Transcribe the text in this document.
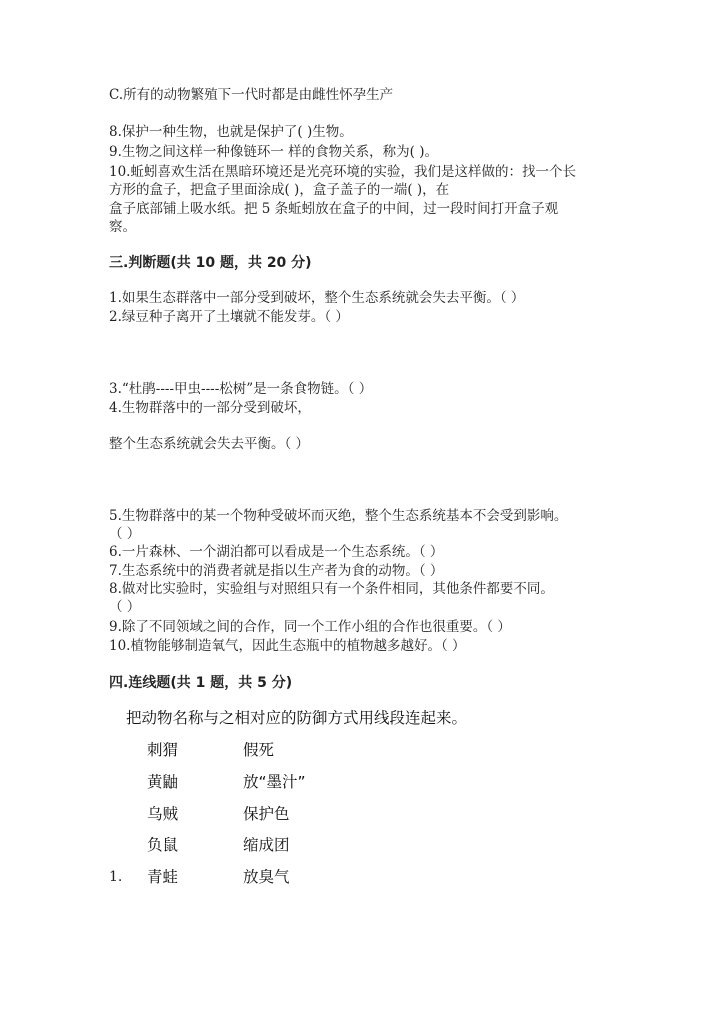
C.所有的动物繁殖下一代时都是由雌性怀孕生产
8.保护一种生物，也就是保护了( )生物。
9.生物之间这样一种像链环一 样的食物关系，称为( )。
10.蚯蚓喜欢生活在黑暗环境还是光亮环境的实验，我们是这样做的：找一个长
方形的盒子，把盒子里面涂成( )，盒子盖子的一端( )，在
盒子底部铺上吸水纸。把 5 条蚯蚓放在盒子的中间，过一段时间打开盒子观
察。
三.判断题(共 10 题，共 20 分)
1.如果生态群落中一部分受到破坏，整个生态系统就会失去平衡。（ ）
2.绿豆种子离开了土壤就不能发芽。（ ）
3.“杜鹃----甲虫----松树”是一条食物链。（ ）
4.生物群落中的一部分受到破坏，
整个生态系统就会失去平衡。（ ）
5.生物群落中的某一个物种受破坏而灭绝，整个生态系统基本不会受到影响。
（ ）
6.一片森林、一个湖泊都可以看成是一个生态系统。（ ）
7.生态系统中的消费者就是指以生产者为食的动物。（ ）
8.做对比实验时，实验组与对照组只有一个条件相同，其他条件都要不同。
（ ）
9.除了不同领域之间的合作，同一个工作小组的合作也很重要。（ ）
10.植物能够制造氧气，因此生态瓶中的植物越多越好。（ ）
四.连线题(共 1 题，共 5 分)
把动物名称与之相对应的防御方式用线段连起来。
刺猬
黄鼬
乌贼
负鼠
青蛙
假死
放“墨汁”
保护色
缩成团
放臭气
1.
